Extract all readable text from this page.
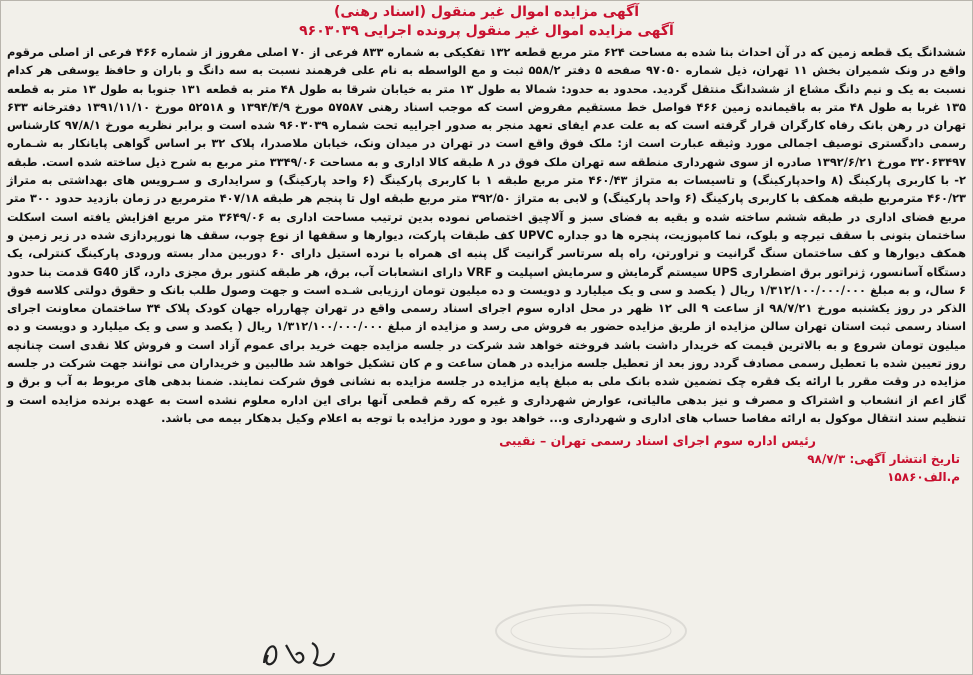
آگهی مزایده اموال غیر منقول (اسناد رهنی)
آگهی مزایده اموال غیر منقول پرونده اجرایی ۹۶۰۳۰۳۹
ششدانگ یک قطعه زمین که در آن احداث بنا شده به مساحت ۶۲۴ متر مربع قطعه ۱۳۲ تفکیکی به شماره ۸۳۳ فرعی از ۷۰ اصلی مفروز از شماره ۴۶۶ فرعی از اصلی مرقوم واقع در ونک شمیران بخش ۱۱ تهران، ذیل شماره ۹۷۰۵۰ صفحه ۵ دفتر ۵۵۸/۲ ثبت و مع الواسطه به نام علی فرهمند نسبت به سه دانگ و باران و حافظ یوسفی هر کدام نسبت به یک و نیم دانگ مشاع از ششدانگ منتقل گردید. محدود به حدود: شمالا به طول ۱۳ متر به خیابان شرقا به طول ۴۸ متر به قطعه ۱۳۱ جنوبا به طول ۱۳ متر به قطعه ۱۳۵ غربا به طول ۴۸ متر به باقیمانده زمین ۴۶۶ فواصل خط مستقیم مفروض است که موجب اسناد رهنی ۵۷۵۸۷ مورخ ۱۳۹۴/۴/۹ و ۵۲۵۱۸ مورخ ۱۳۹۱/۱۱/۱۰ دفترخانه ۶۳۳ تهران در رهن بانک رفاه کارگران قرار گرفته است که به علت عدم ایفای تعهد منجر به صدور اجراییه تحت شماره ۹۶۰۳۰۳۹ شده است و برابر نظریه مورخ ۹۷/۸/۱ کارشناس رسمی دادگستری توصیف اجمالی مورد وثیقه عبارت است از: ملک فوق واقع است در تهران در میدان ونک، خیابان ملاصدرا، پلاک ۳۲ بر اساس گواهی پایانکار به شـماره ۳۲۰۶۳۴۹۷ مورخ ۱۳۹۲/۶/۲۱ صادره از سوی شهرداری منطقه سه تهران ملک فوق در ۸ طبقه کالا اداری و به مساحت ۳۳۴۹/۰۶ متر مربع به شرح ذیل ساخته شده است. طبقه ۲- با کاربری پارکینگ (۸ واحدپارکینگ) و تاسیسات به متراژ ۴۶۰/۴۳ متر مربع طبقه ۱ با کاربری پارکینگ (۶ واحد پارکینگ) و سرایداری و سـرویس های بهداشتی به متراژ ۴۶۰/۲۳ مترمربع طبقه همکف با کاربری پارکینگ (۶ واحد پارکینگ) و لابی به متراژ ۳۹۲/۵۰ متر مربع طبقه اول تا پنجم هر طبقه ۴۰۷/۱۸ مترمربع در زمان بازدید حدود ۳۰۰ متر مربع فضای اداری در طبقه ششم ساخته شده و بقیه به فضای سبز و آلاچیق اختصاص نموده بدین ترتیب مساحت اداری به ۳۶۴۹/۰۶ متر مربع افزایش یافته است اسکلت ساختمان بتونی با سقف تیرچه و بلوک، نما کامپوزیت، پنجره ها دو جداره UPVC کف طبقات پارکت، دیوارها و سقفها از نوع چوب، سقف ها نورپردازی شده در زیر زمین و همکف دیوارها و کف ساختمان سنگ گرانیت و تراورتن، راه پله سرتاسر گرانیت گل پنبه ای همراه با نرده استیل دارای ۶۰ دوربین مدار بسته ورودی پارکینگ کنترلی، یک دستگاه آسانسور، ژنراتور برق اضطراری UPS سیستم گرمایش و سرمایش اسپلیت و VRF دارای انشعابات آب، برق، هر طبقه کنتور برق مجزی دارد، گاز G40 قدمت بنا حدود ۶ سال، و به مبلغ ۱/۳۱۲/۱۰۰/۰۰۰/۰۰۰ ریال ( یکصد و سی و یک میلیارد و دویست و ده میلیون تومان ارزیابی شـده است و جهت وصول طلب بانک و حقوق دولتی کلاسه فوق الذکر در روز یکشنبه مورخ ۹۸/۷/۲۱ از ساعت ۹ الی ۱۲ ظهر در محل اداره سوم اجرای اسناد رسمی واقع در تهران چهارراه جهان کودک پلاک ۳۴ ساختمان معاونت اجرای اسناد رسمی ثبت استان تهران سالن مزایده از طریق مزایده حضور به فروش می رسد و مزایده از مبلغ ۱/۳۱۲/۱۰۰/۰۰۰/۰۰۰ ریال ( یکصد و سی و یک میلیارد و دویست و ده میلیون تومان شروع و به بالاترین قیمت که خریدار داشت باشد فروخته خواهد شد شرکت در جلسه مزایده جهت خرید برای عموم آزاد است و فروش کلا نقدی است چنانچه روز تعیین شده با تعطیل رسمی مصادف گردد روز بعد از تعطیل جلسه مزایده در همان ساعت و م کان تشکیل خواهد شد طالبین و خریداران می توانند جهت شرکت در جلسه مزایده در وقت مقرر با ارائه یک فقره چک تضمین شده بانک ملی به مبلغ پایه مزایده در جلسه مزایده به نشانی فوق شرکت نمایند. ضمنا بدهی های مربوط به آب و برق و گاز اعم از انشعاب و اشتراک و مصرف و نیز بدهی مالیاتی، عوارض شهرداری و غیره که رقم قطعی آنها برای این اداره معلوم نشده است به عهده برنده مزایده است و تنظیم سند انتقال موکول به ارائه مفاصا حساب های اداری و شهرداری و... خواهد بود و مورد مزایده با توجه به اعلام وکیل بدهکار بیمه می باشد.
رئیس اداره سوم اجرای اسناد رسمی تهران – نقیبی
تاریخ انتشار آگهی: ۹۸/۷/۳
م.الف۱۵۸۶۰
